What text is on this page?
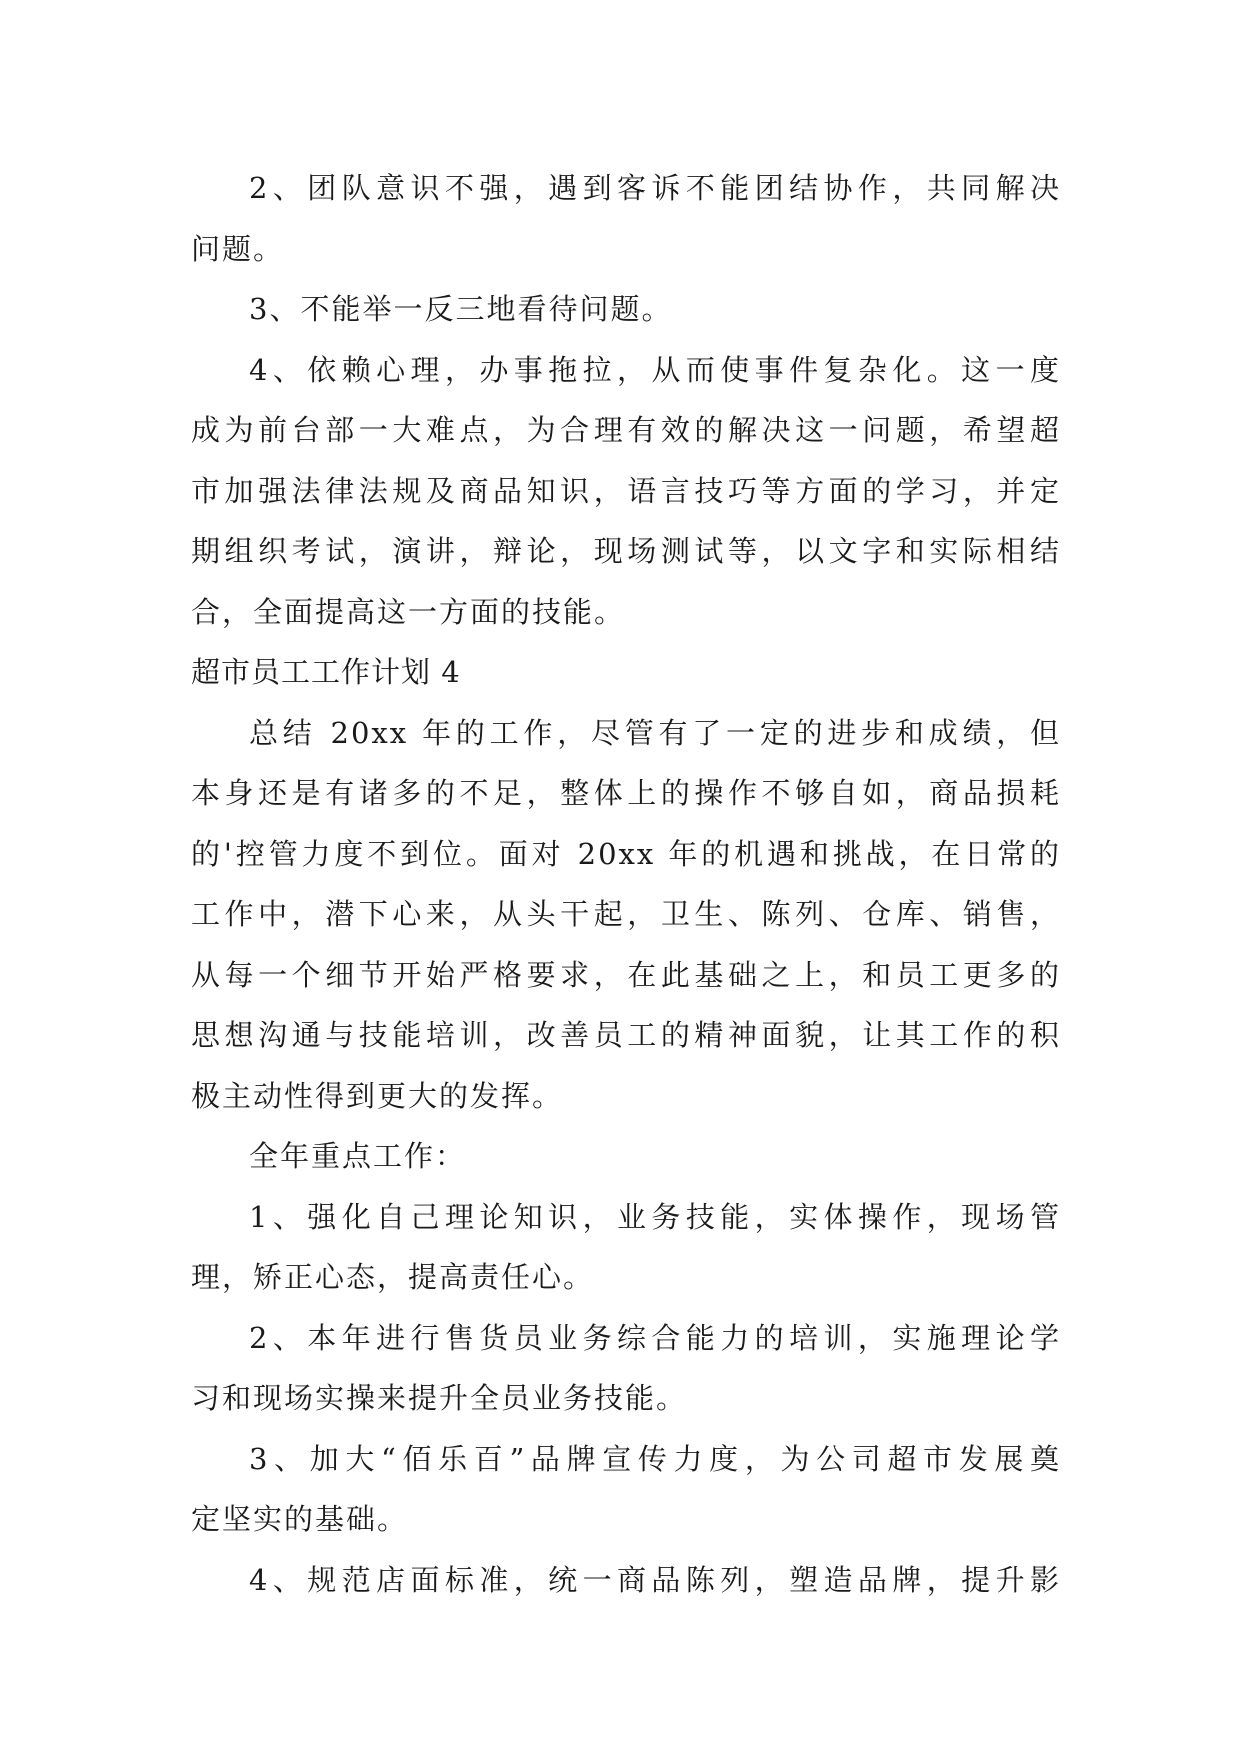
2、团队意识不强，遇到客诉不能团结协作，共同解决
问题。
3、不能举一反三地看待问题。
4、依赖心理，办事拖拉，从而使事件复杂化。这一度
成为前台部一大难点，为合理有效的解决这一问题，希望超
市加强法律法规及商品知识，语言技巧等方面的学习，并定
期组织考试，演讲，辩论，现场测试等，以文字和实际相结
合，全面提高这一方面的技能。
超市员工工作计划 4
总结 20xx 年的工作，尽管有了一定的进步和成绩，但
本身还是有诸多的不足，整体上的操作不够自如，商品损耗
的'控管力度不到位。面对 20xx 年的机遇和挑战，在日常的
工作中，潜下心来，从头干起，卫生、陈列、仓库、销售，
从每一个细节开始严格要求，在此基础之上，和员工更多的
思想沟通与技能培训，改善员工的精神面貌，让其工作的积
极主动性得到更大的发挥。
全年重点工作：
1、强化自己理论知识，业务技能，实体操作，现场管
理，矫正心态，提高责任心。
2、本年进行售货员业务综合能力的培训，实施理论学
习和现场实操来提升全员业务技能。
3、加大“佰乐百”品牌宣传力度，为公司超市发展奠
定坚实的基础。
4、规范店面标准，统一商品陈列，塑造品牌，提升影
